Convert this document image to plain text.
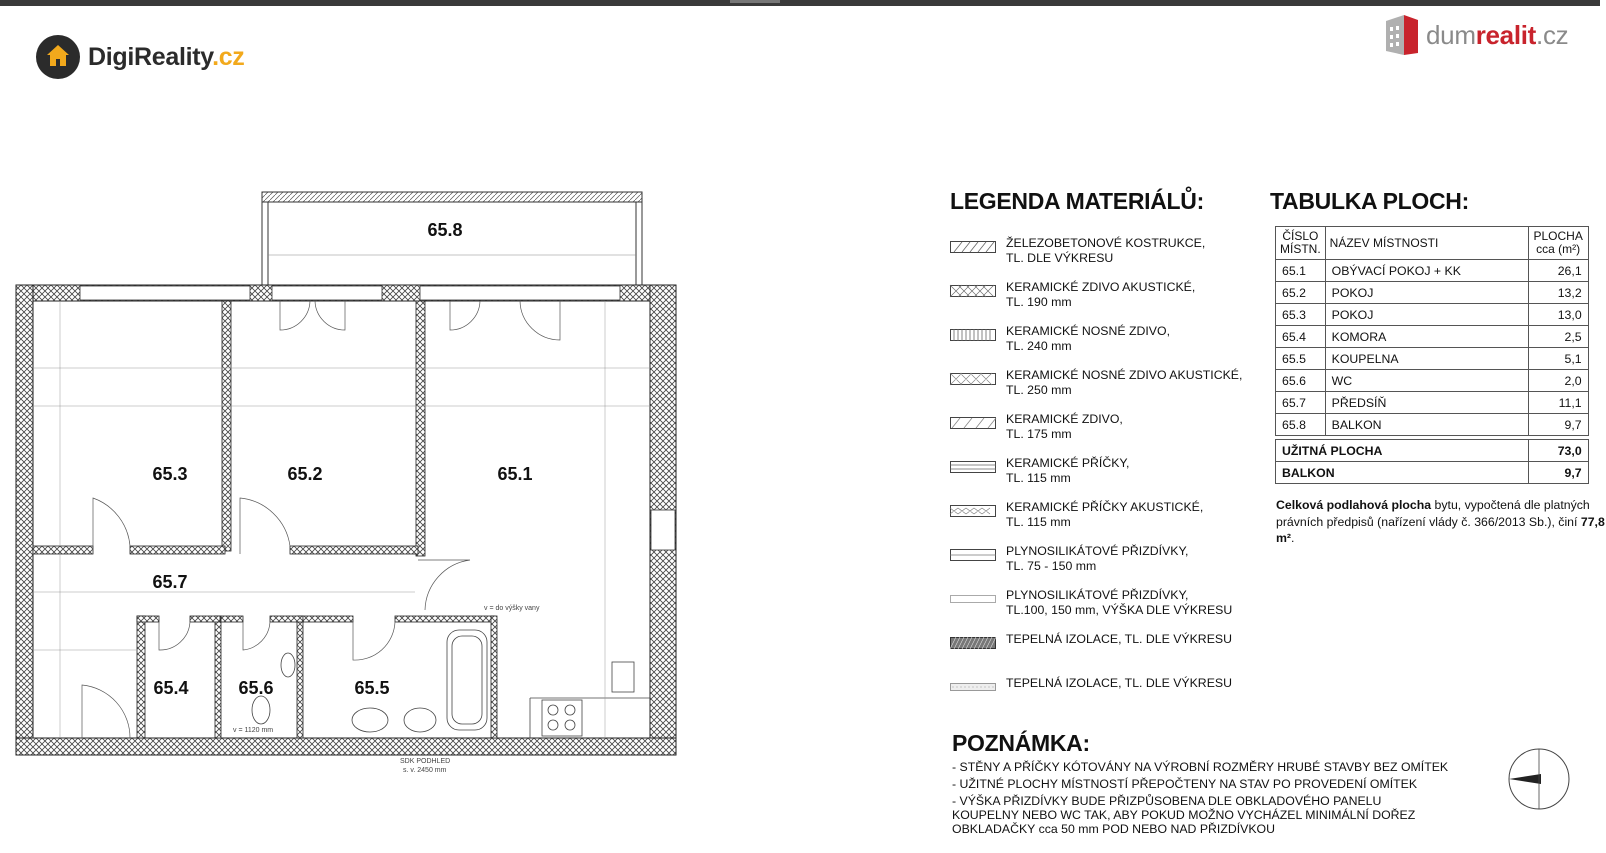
DigiReality.cz
dumrealit.cz
65.8
65.3	65.2	65.1
65.7
65.4	65.6	65.5
SDK PODHLED
s. v. 2450 mm
v = do výšky vany
v = 1120 mm
LEGENDA MATERIÁLŮ:
ŽELEZOBETONOVÉ KOSTRUKCE,
TL. DLE VÝKRESU
KERAMICKÉ ZDIVO AKUSTICKÉ,
TL. 190 mm
KERAMICKÉ NOSNÉ ZDIVO,
TL. 240 mm
KERAMICKÉ NOSNÉ ZDIVO AKUSTICKÉ,
TL. 250 mm
KERAMICKÉ ZDIVO,
TL. 175 mm
KERAMICKÉ PŘÍČKY,
TL. 115 mm
KERAMICKÉ PŘÍČKY AKUSTICKÉ,
TL. 115 mm
PLYNOSILIKÁTOVÉ PŘIZDÍVKY,
TL. 75 - 150 mm
PLYNOSILIKÁTOVÉ PŘIZDÍVKY,
TL.100, 150 mm, VÝŠKA DLE VÝKRESU
TEPELNÁ IZOLACE, TL. DLE VÝKRESU
TEPELNÁ IZOLACE, TL. DLE VÝKRESU
TABULKA PLOCH:
ČÍSLO MÍSTN.	NÁZEV MÍSTNOSTI	PLOCHA cca (m²)
65.1	OBÝVACÍ POKOJ + KK	26,1
65.2	POKOJ	13,2
65.3	POKOJ	13,0
65.4	KOMORA	2,5
65.5	KOUPELNA	5,1
65.6	WC	2,0
65.7	PŘEDSÍŇ	11,1
65.8	BALKON	9,7

UŽITNÁ PLOCHA		73,0
BALKON		9,7
Celková podlahová plocha bytu, vypočtená dle platných právních předpisů (nařízení vlády č. 366/2013 Sb.), činí 77,8 m².
POZNÁMKA:
- STĚNY A PŘÍČKY KÓTOVÁNY NA VÝROBNÍ ROZMĚRY HRUBÉ STAVBY BEZ OMÍTEK
- UŽITNÉ PLOCHY MÍSTNOSTÍ PŘEPOČTENY NA STAV PO PROVEDENÍ OMÍTEK
- VÝŠKA PŘIZDÍVKY BUDE PŘIZPŮSOBENA DLE OBKLADOVÉHO PANELU
KOUPELNY NEBO WC TAK, ABY POKUD MOŽNO VYCHÁZEL MINIMÁLNÍ DOŘEZ
OBKLADAČKY cca 50 mm POD NEBO NAD PŘIZDÍVKOU
